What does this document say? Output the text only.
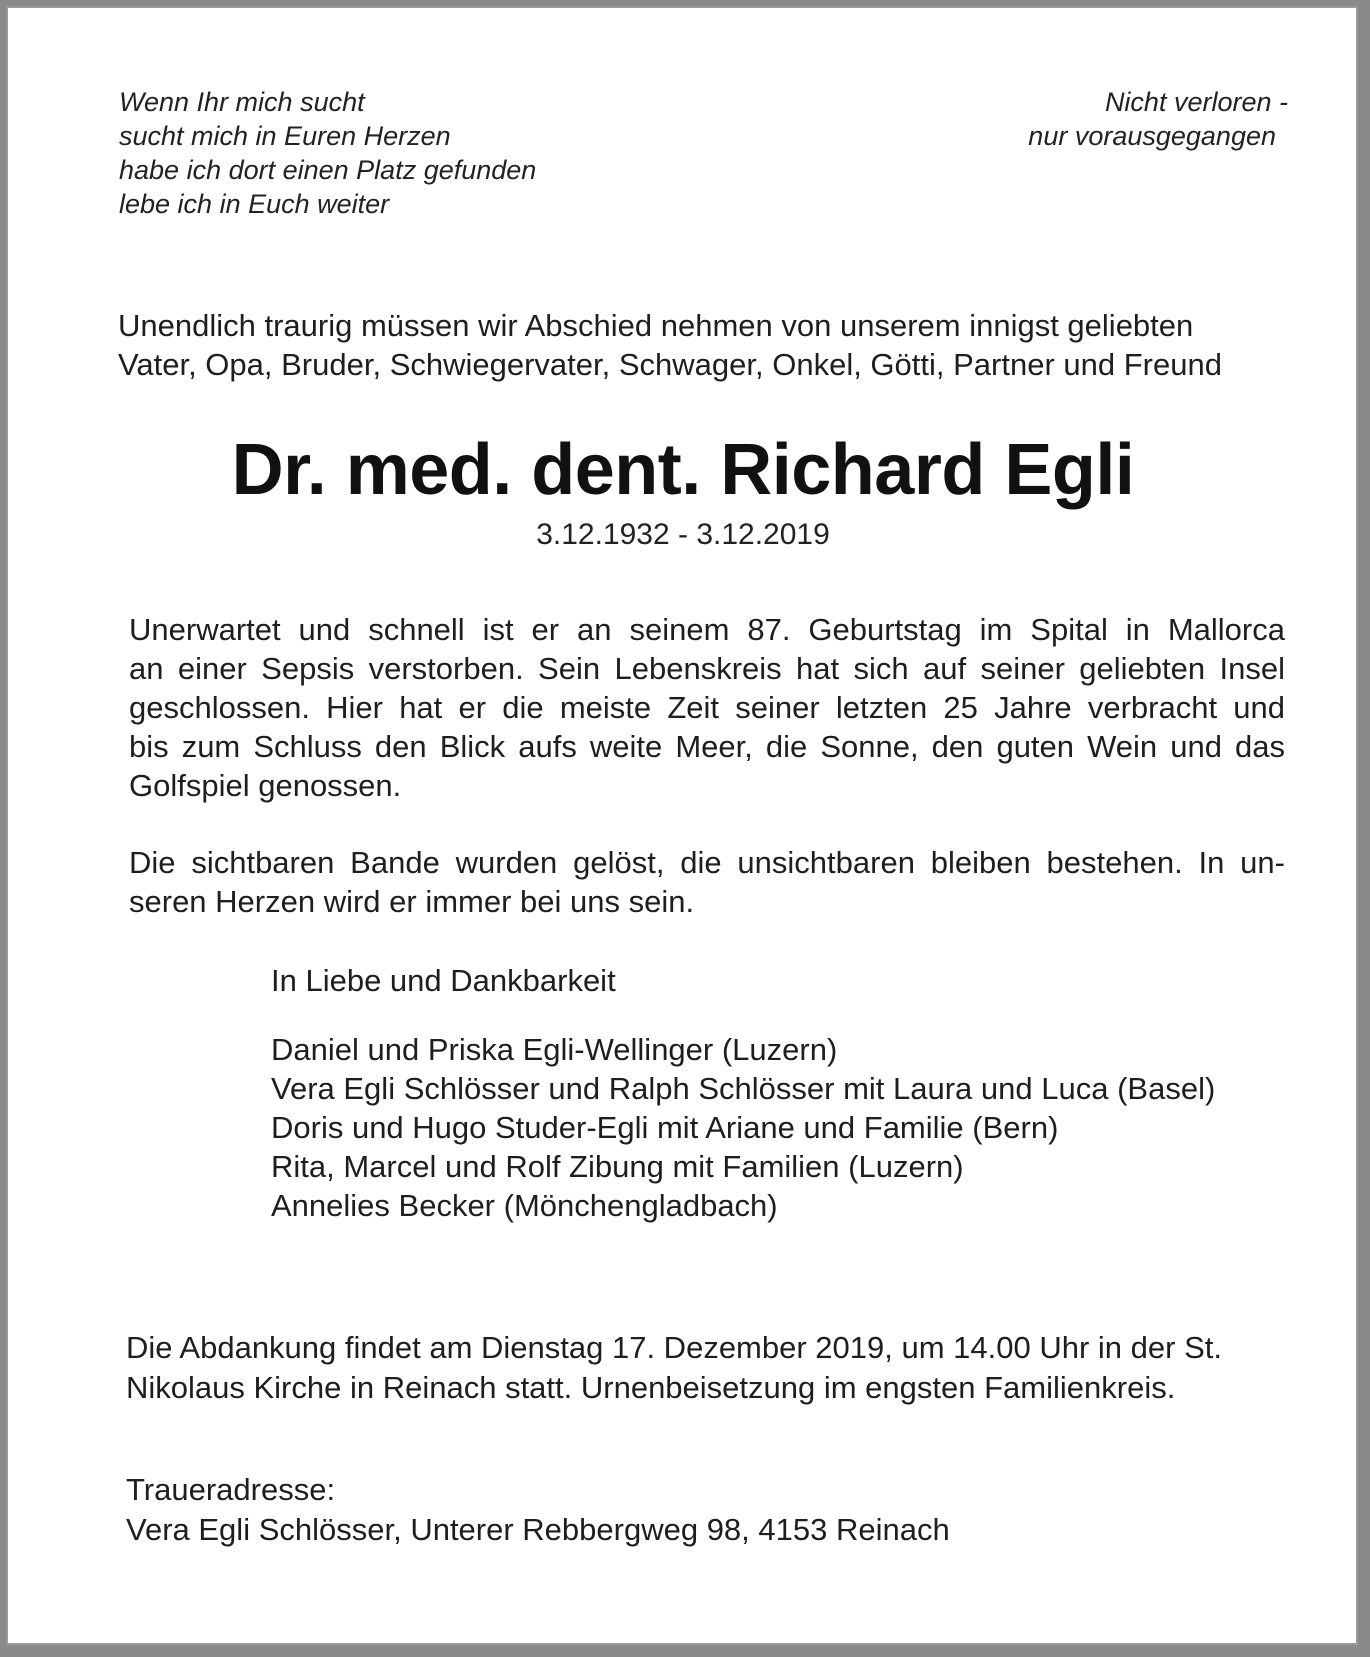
Wenn Ihr mich sucht
sucht mich in Euren Herzen
habe ich dort einen Platz gefunden
lebe ich in Euch weiter
Nicht verloren -
nur vorausgegangen
Unendlich traurig müssen wir Abschied nehmen von unserem innigst geliebten
Vater, Opa, Bruder, Schwiegervater, Schwager, Onkel, Götti, Partner und Freund
Dr. med. dent. Richard Egli
3.12.1932 - 3.12.2019
Unerwartet und schnell ist er an seinem 87. Geburtstag im Spital in Mallorca
an einer Sepsis verstorben. Sein Lebenskreis hat sich auf seiner geliebten Insel
geschlossen. Hier hat er die meiste Zeit seiner letzten 25 Jahre verbracht und
bis zum Schluss den Blick aufs weite Meer, die Sonne, den guten Wein und das
Golfspiel genossen.
Die sichtbaren Bande wurden gelöst, die unsichtbaren bleiben bestehen. In un-
seren Herzen wird er immer bei uns sein.
In Liebe und Dankbarkeit
Daniel und Priska Egli-Wellinger (Luzern)
Vera Egli Schlösser und Ralph Schlösser mit Laura und Luca (Basel)
Doris und Hugo Studer-Egli mit Ariane und Familie (Bern)
Rita, Marcel und Rolf Zibung mit Familien (Luzern)
Annelies Becker (Mönchengladbach)
Die Abdankung findet am Dienstag 17. Dezember 2019, um 14.00 Uhr in der St.
Nikolaus Kirche in Reinach statt. Urnenbeisetzung im engsten Familienkreis.
Traueradresse:
Vera Egli Schlösser, Unterer Rebbergweg 98, 4153 Reinach
